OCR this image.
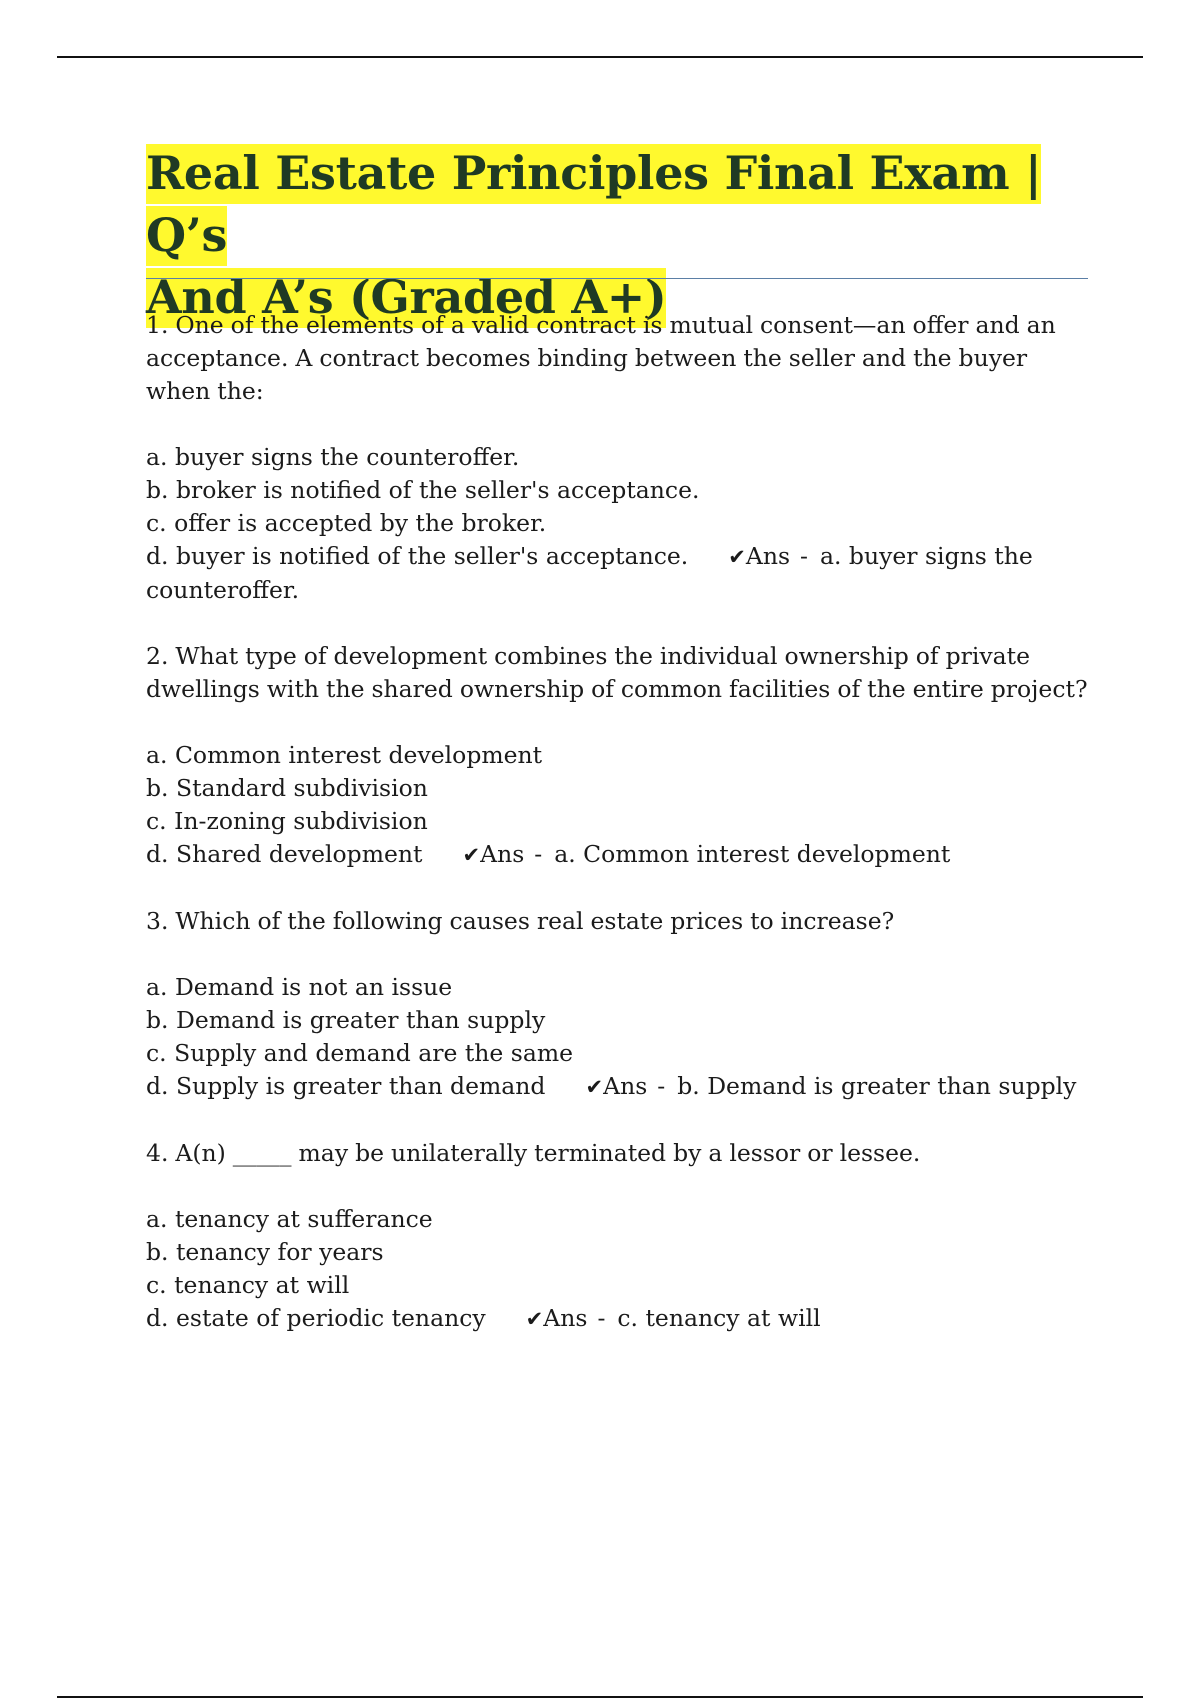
Real Estate Principles Final Exam | Q’s
And A’s (Graded A+)

1. One of the elements of a valid contract is mutual consent—an offer and an acceptance. A contract becomes binding between the seller and the buyer when the:

a. buyer signs the counteroffer.

b. broker is notified of the seller's acceptance.

c. offer is accepted by the broker.

d. buyer is notified of the seller's acceptance. ✔Ans - a. buyer signs the counteroffer.

2. What type of development combines the individual ownership of private dwellings with the shared ownership of common facilities of the entire project?

a. Common interest development

b. Standard subdivision

c. In-zoning subdivision

d. Shared development ✔Ans - a. Common interest development

3. Which of the following causes real estate prices to increase?

a. Demand is not an issue

b. Demand is greater than supply

c. Supply and demand are the same

d. Supply is greater than demand ✔Ans - b. Demand is greater than supply

4. A(n) _____ may be unilaterally terminated by a lessor or lessee.

a. tenancy at sufferance

b. tenancy for years

c. tenancy at will

d. estate of periodic tenancy ✔Ans - c. tenancy at will
